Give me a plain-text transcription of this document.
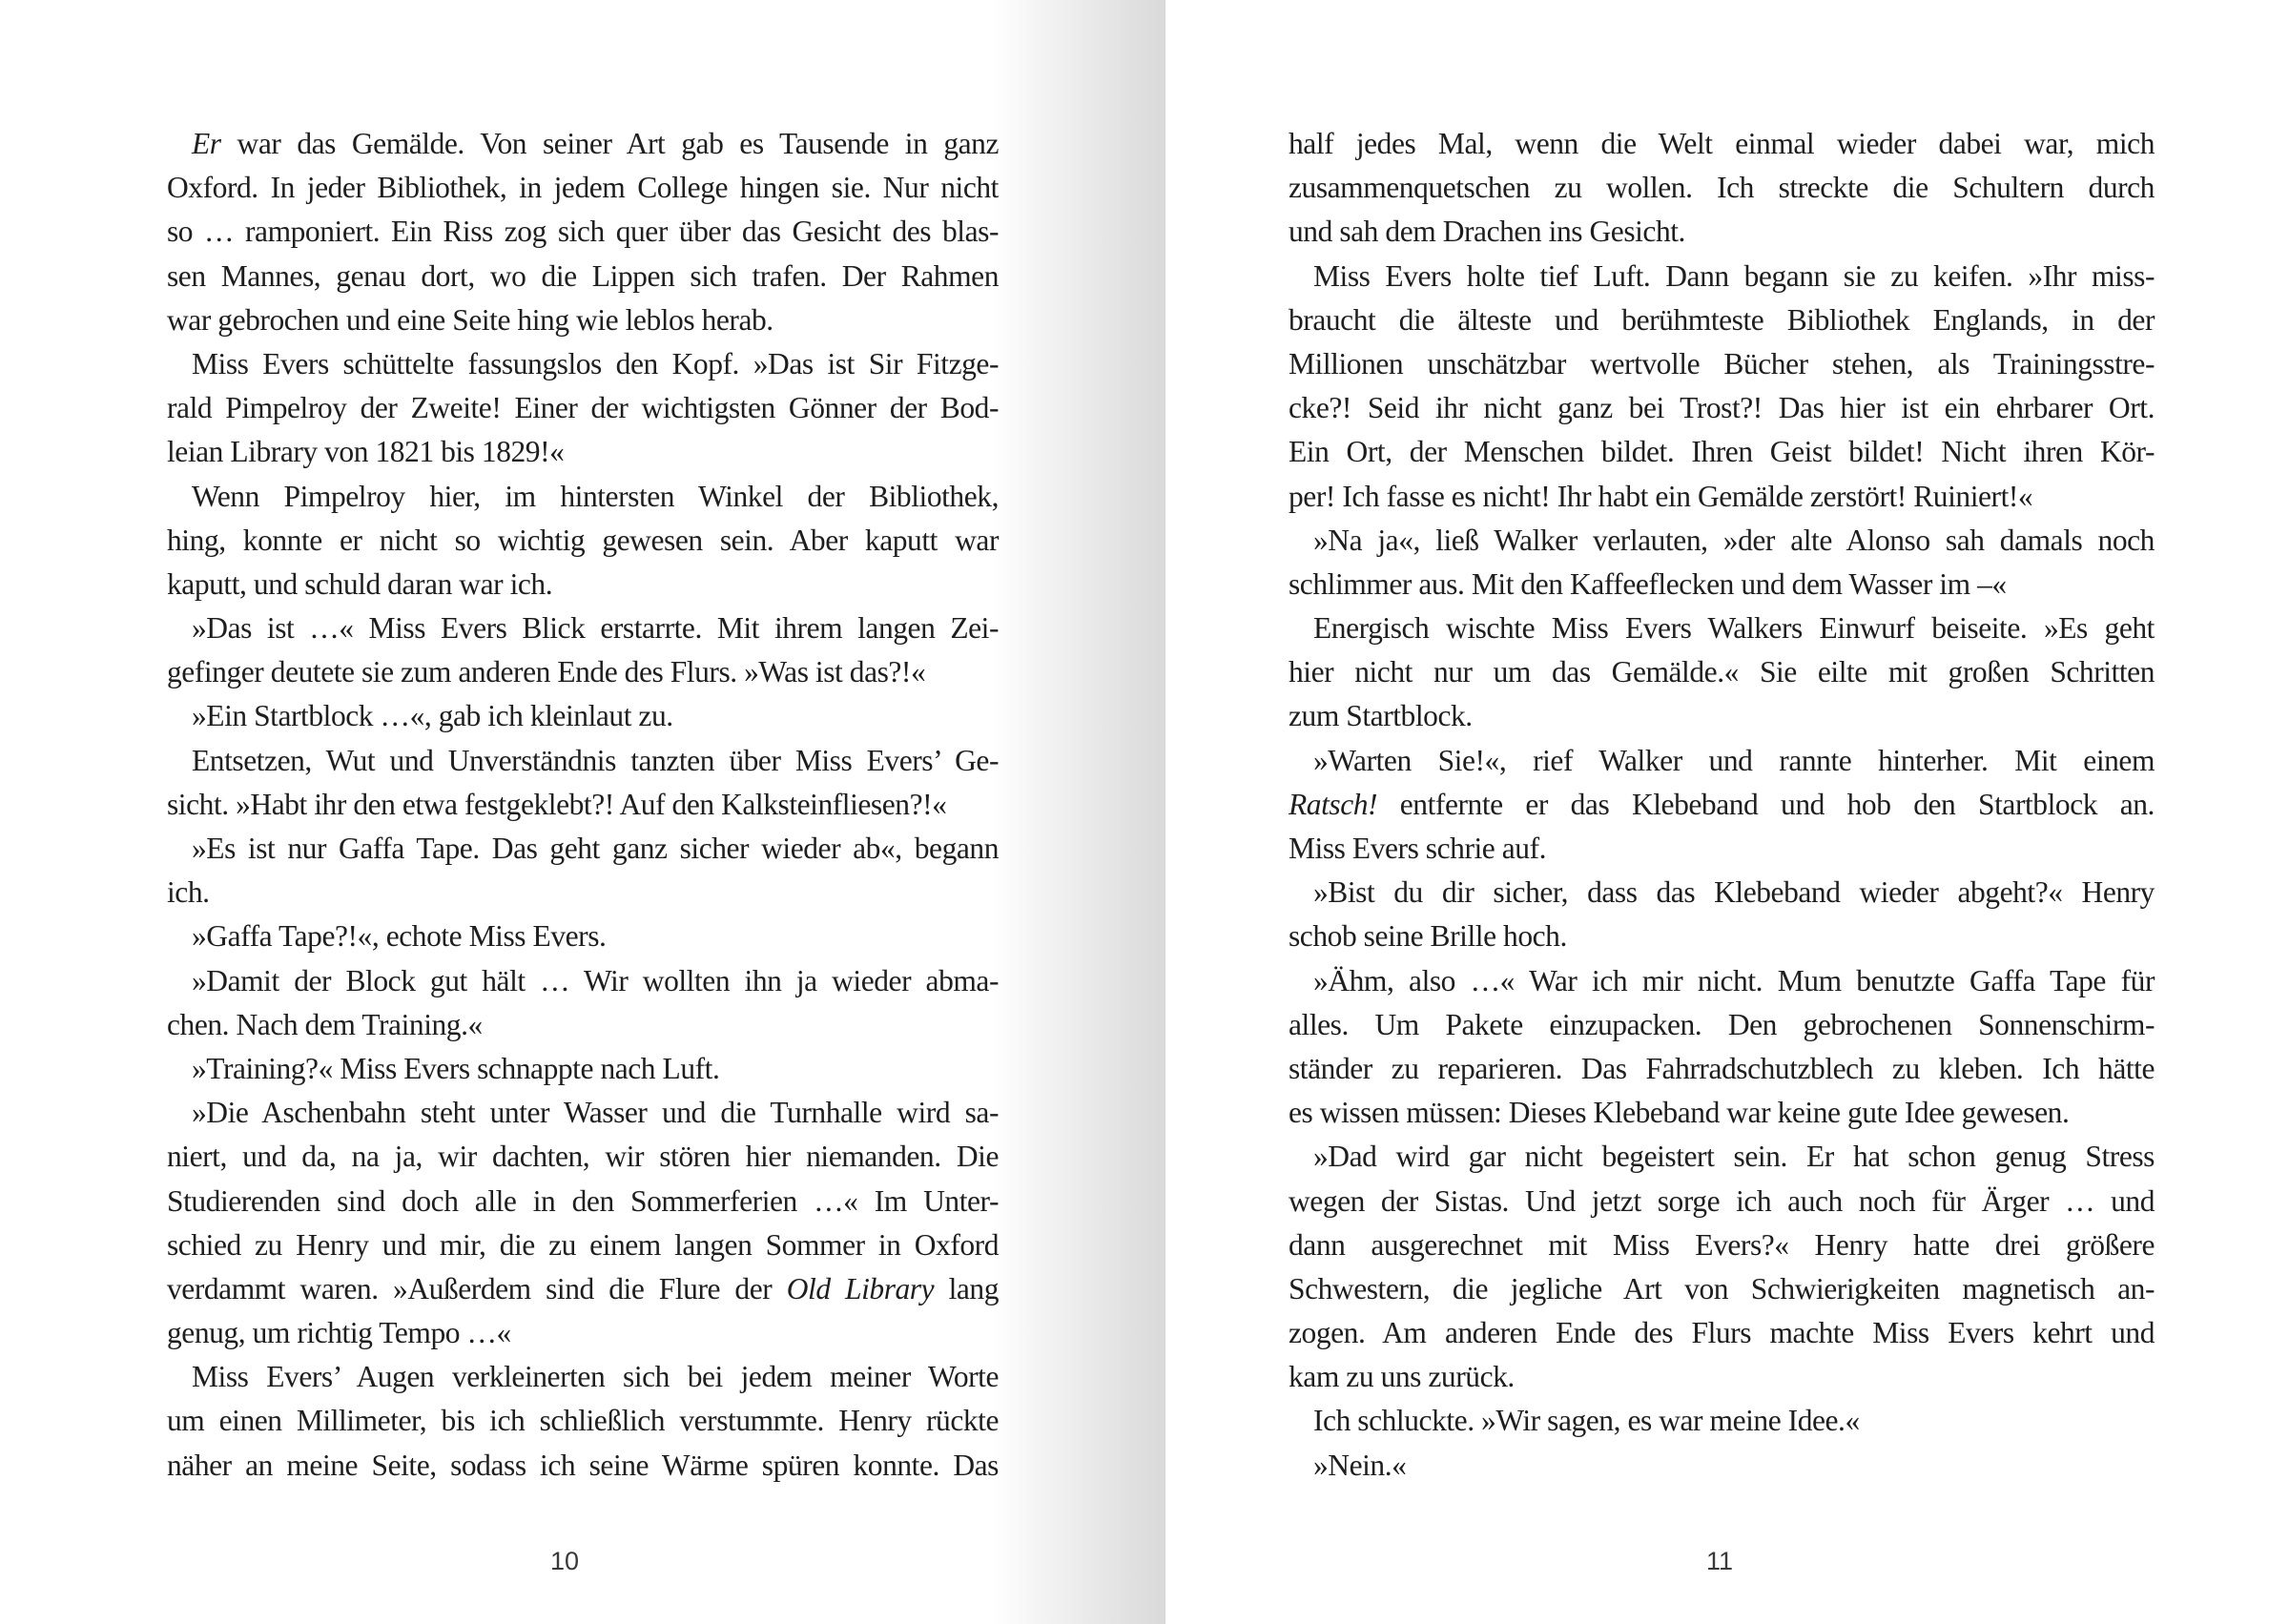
Er war das Gemälde. Von seiner Art gab es Tausende in ganz
Oxford. In jeder Bibliothek, in jedem College hingen sie. Nur nicht
so … ramponiert. Ein Riss zog sich quer über das Gesicht des blas-
sen Mannes, genau dort, wo die Lippen sich trafen. Der Rahmen
war gebrochen und eine Seite hing wie leblos herab.
Miss Evers schüttelte fassungslos den Kopf. »Das ist Sir Fitzge-
rald Pimpelroy der Zweite! Einer der wichtigsten Gönner der Bod-
leian Library von 1821 bis 1829!«
Wenn Pimpelroy hier, im hintersten Winkel der Bibliothek,
hing, konnte er nicht so wichtig gewesen sein. Aber kaputt war
kaputt, und schuld daran war ich.
»Das ist …« Miss Evers Blick erstarrte. Mit ihrem langen Zei-
gefinger deutete sie zum anderen Ende des Flurs. »Was ist das?!«
»Ein Startblock …«, gab ich kleinlaut zu.
Entsetzen, Wut und Unverständnis tanzten über Miss Evers’ Ge-
sicht. »Habt ihr den etwa festgeklebt?! Auf den Kalksteinfliesen?!«
»Es ist nur Gaffa Tape. Das geht ganz sicher wieder ab«, begann
ich.
»Gaffa Tape?!«, echote Miss Evers.
»Damit der Block gut hält … Wir wollten ihn ja wieder abma-
chen. Nach dem Training.«
»Training?« Miss Evers schnappte nach Luft.
»Die Aschenbahn steht unter Wasser und die Turnhalle wird sa-
niert, und da, na ja, wir dachten, wir stören hier niemanden. Die
Studierenden sind doch alle in den Sommerferien …« Im Unter-
schied zu Henry und mir, die zu einem langen Sommer in Oxford
verdammt waren. »Außerdem sind die Flure der Old Library lang
genug, um richtig Tempo …«
Miss Evers’ Augen verkleinerten sich bei jedem meiner Worte
um einen Millimeter, bis ich schließlich verstummte. Henry rückte
näher an meine Seite, sodass ich seine Wärme spüren konnte. Das
10
half jedes Mal, wenn die Welt einmal wieder dabei war, mich
zusammenquetschen zu wollen. Ich streckte die Schultern durch
und sah dem Drachen ins Gesicht.
Miss Evers holte tief Luft. Dann begann sie zu keifen. »Ihr miss-
braucht die älteste und berühmteste Bibliothek Englands, in der
Millionen unschätzbar wertvolle Bücher stehen, als Trainingsstre-
cke?! Seid ihr nicht ganz bei Trost?! Das hier ist ein ehrbarer Ort.
Ein Ort, der Menschen bildet. Ihren Geist bildet! Nicht ihren Kör-
per! Ich fasse es nicht! Ihr habt ein Gemälde zerstört! Ruiniert!«
»Na ja«, ließ Walker verlauten, »der alte Alonso sah damals noch
schlimmer aus. Mit den Kaffeeflecken und dem Wasser im –«
Energisch wischte Miss Evers Walkers Einwurf beiseite. »Es geht
hier nicht nur um das Gemälde.« Sie eilte mit großen Schritten
zum Startblock.
»Warten Sie!«, rief Walker und rannte hinterher. Mit einem
Ratsch! entfernte er das Klebeband und hob den Startblock an.
Miss Evers schrie auf.
»Bist du dir sicher, dass das Klebeband wieder abgeht?« Henry
schob seine Brille hoch.
»Ähm, also …« War ich mir nicht. Mum benutzte Gaffa Tape für
alles. Um Pakete einzupacken. Den gebrochenen Sonnenschirm-
ständer zu reparieren. Das Fahrradschutzblech zu kleben. Ich hätte
es wissen müssen: Dieses Klebeband war keine gute Idee gewesen.
»Dad wird gar nicht begeistert sein. Er hat schon genug Stress
wegen der Sistas. Und jetzt sorge ich auch noch für Ärger … und
dann ausgerechnet mit Miss Evers?« Henry hatte drei größere
Schwestern, die jegliche Art von Schwierigkeiten magnetisch an-
zogen. Am anderen Ende des Flurs machte Miss Evers kehrt und
kam zu uns zurück.
Ich schluckte. »Wir sagen, es war meine Idee.«
»Nein.«
11
